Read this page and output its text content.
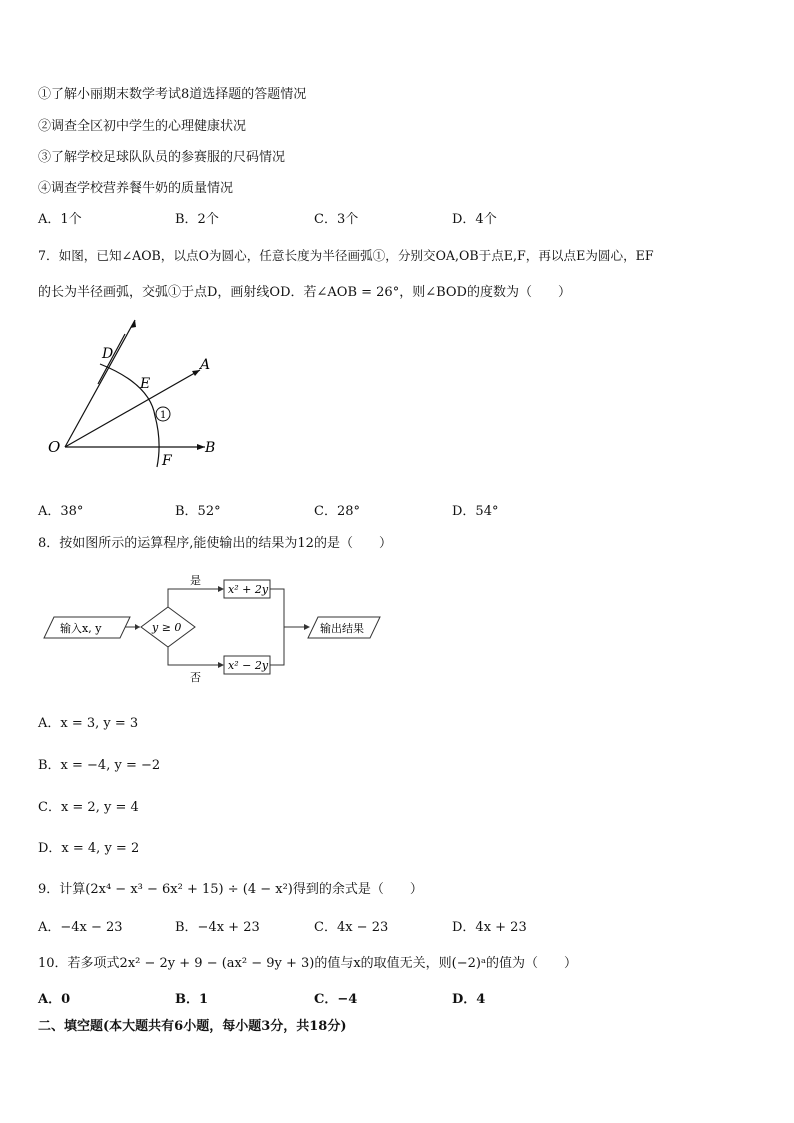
①了解小丽期末数学考试8道选择题的答题情况
②调查全区初中学生的心理健康状况
③了解学校足球队队员的参赛服的尺码情况
④调查学校营养餐牛奶的质量情况
A．1个	B．2个	C．3个	D．4个
7．如图，已知∠AOB，以点O为圆心，任意长度为半径画弧①，分别交OA,OB于点E,F，再以点E为圆心，EF
的长为半径画弧，交弧①于点D，画射线OD．若∠AOB = 26°，则∠BOD的度数为（　　）
D
E
A
1
O	B
F
A．38°	B．52°	C．28°	D．54°
8．按如图所示的运算程序,能使输出的结果为12的是（　　）
输入x, y	y ≥ 0
是
x² + 2y
否
x² − 2y
输出结果
A．x = 3, y = 3
B．x = −4, y = −2
C．x = 2, y = 4
D．x = 4, y = 2
9．计算(2x⁴ − x³ − 6x² + 15) ÷ (4 − x²)得到的余式是（　　）
A．−4x − 23	B．−4x + 23	C．4x − 23	D．4x + 23
10．若多项式2x² − 2y + 9 − (ax² − 9y + 3)的值与x的取值无关，则(−2)ᵃ的值为（　　）
A．0	B．1	C．−4	D．4
二、填空题(本大题共有6小题，每小题3分，共18分)
